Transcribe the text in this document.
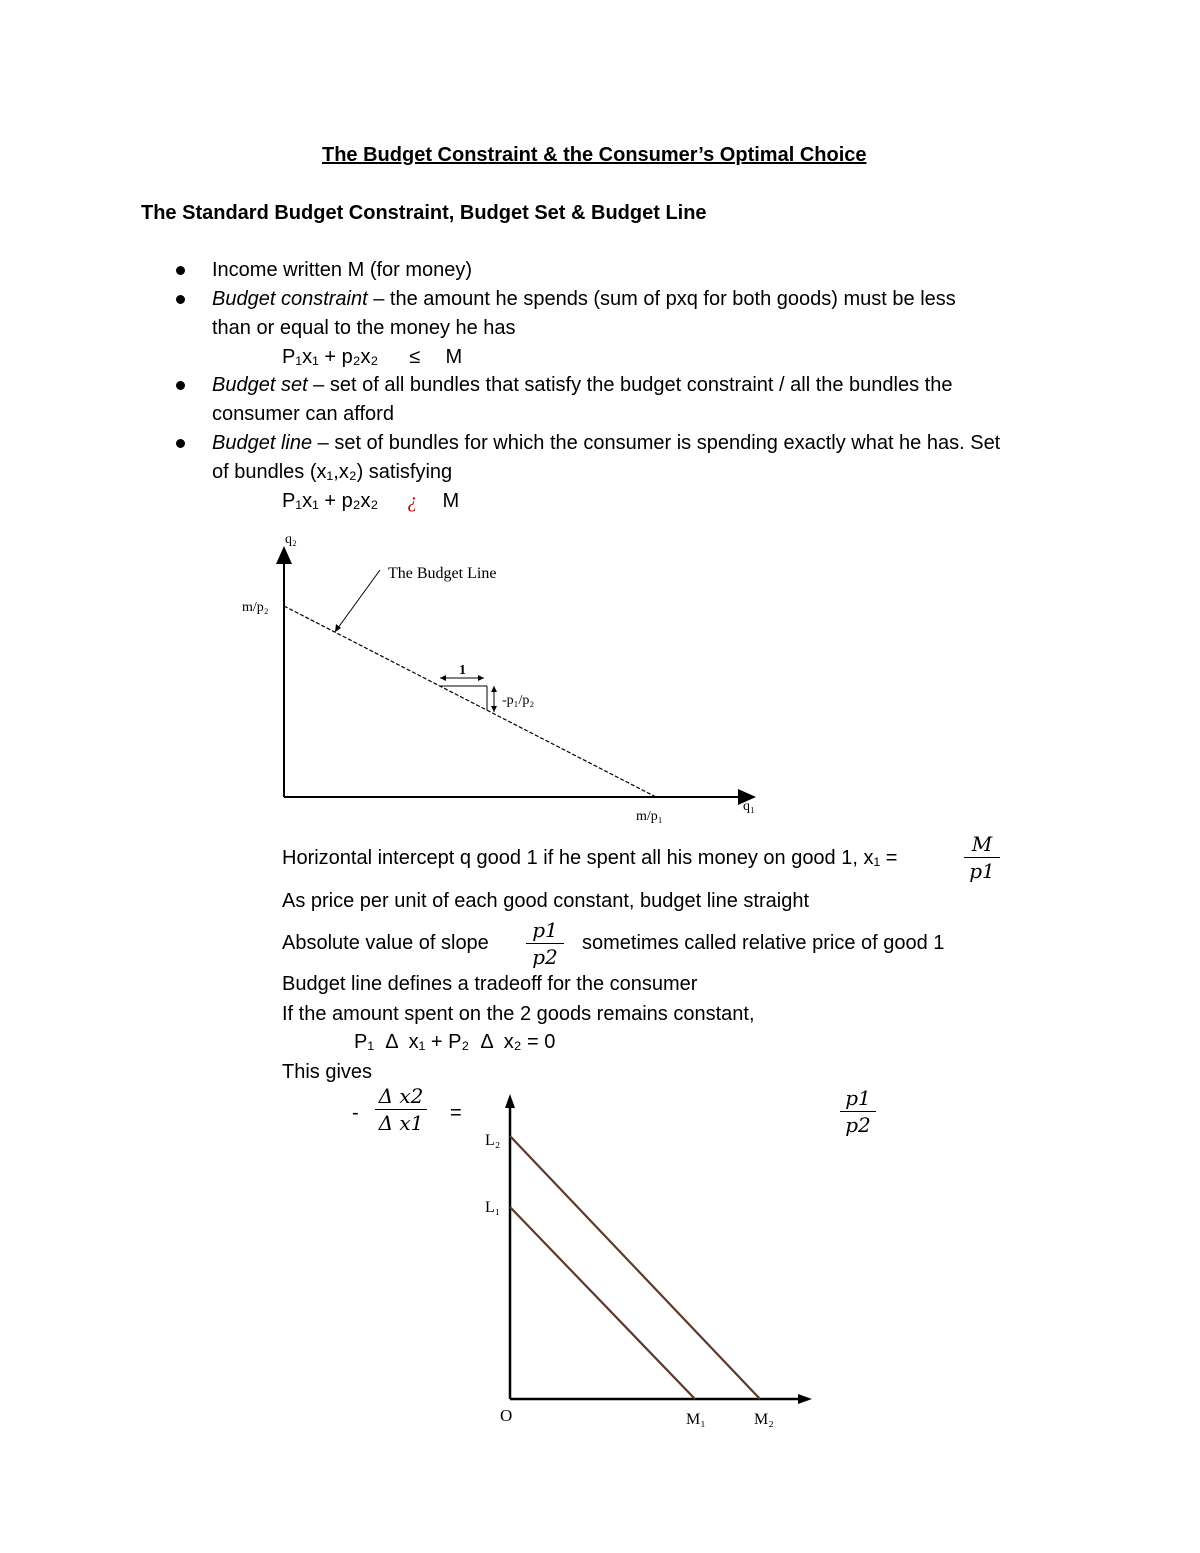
The Budget Constraint & the Consumer’s Optimal Choice
The Standard Budget Constraint, Budget Set & Budget Line
Income written M (for money)
Budget constraint – the amount he spends (sum of pxq for both goods) must be less
than or equal to the money he has
P₁x₁ + p₂x₂ ≤ M
Budget set – set of all bundles that satisfy the budget constraint / all the bundles the
consumer can afford
Budget line – set of bundles for which the consumer is spending exactly what he has. Set
of bundles (x₁,x₂) satisfying
P₁x₁ + p₂x₂ ¿ M
q₂
q₁
m/p₂
m/p₁
The Budget Line
1
-p₁/p₂
Horizontal intercept q good 1 if he spent all his money on good 1, x₁ =
M
p1
As price per unit of each good constant, budget line straight
Absolute value of slope
p1
p2
sometimes called relative price of good 1
Budget line defines a tradeoff for the consumer
If the amount spent on the 2 goods remains constant,
P₁  Δ  x₁ + P₂  Δ  x₂ = 0
This gives
-
Δ x2
Δ x1 =
p1
p2
L₂
L₁
O	M₁	M₂
